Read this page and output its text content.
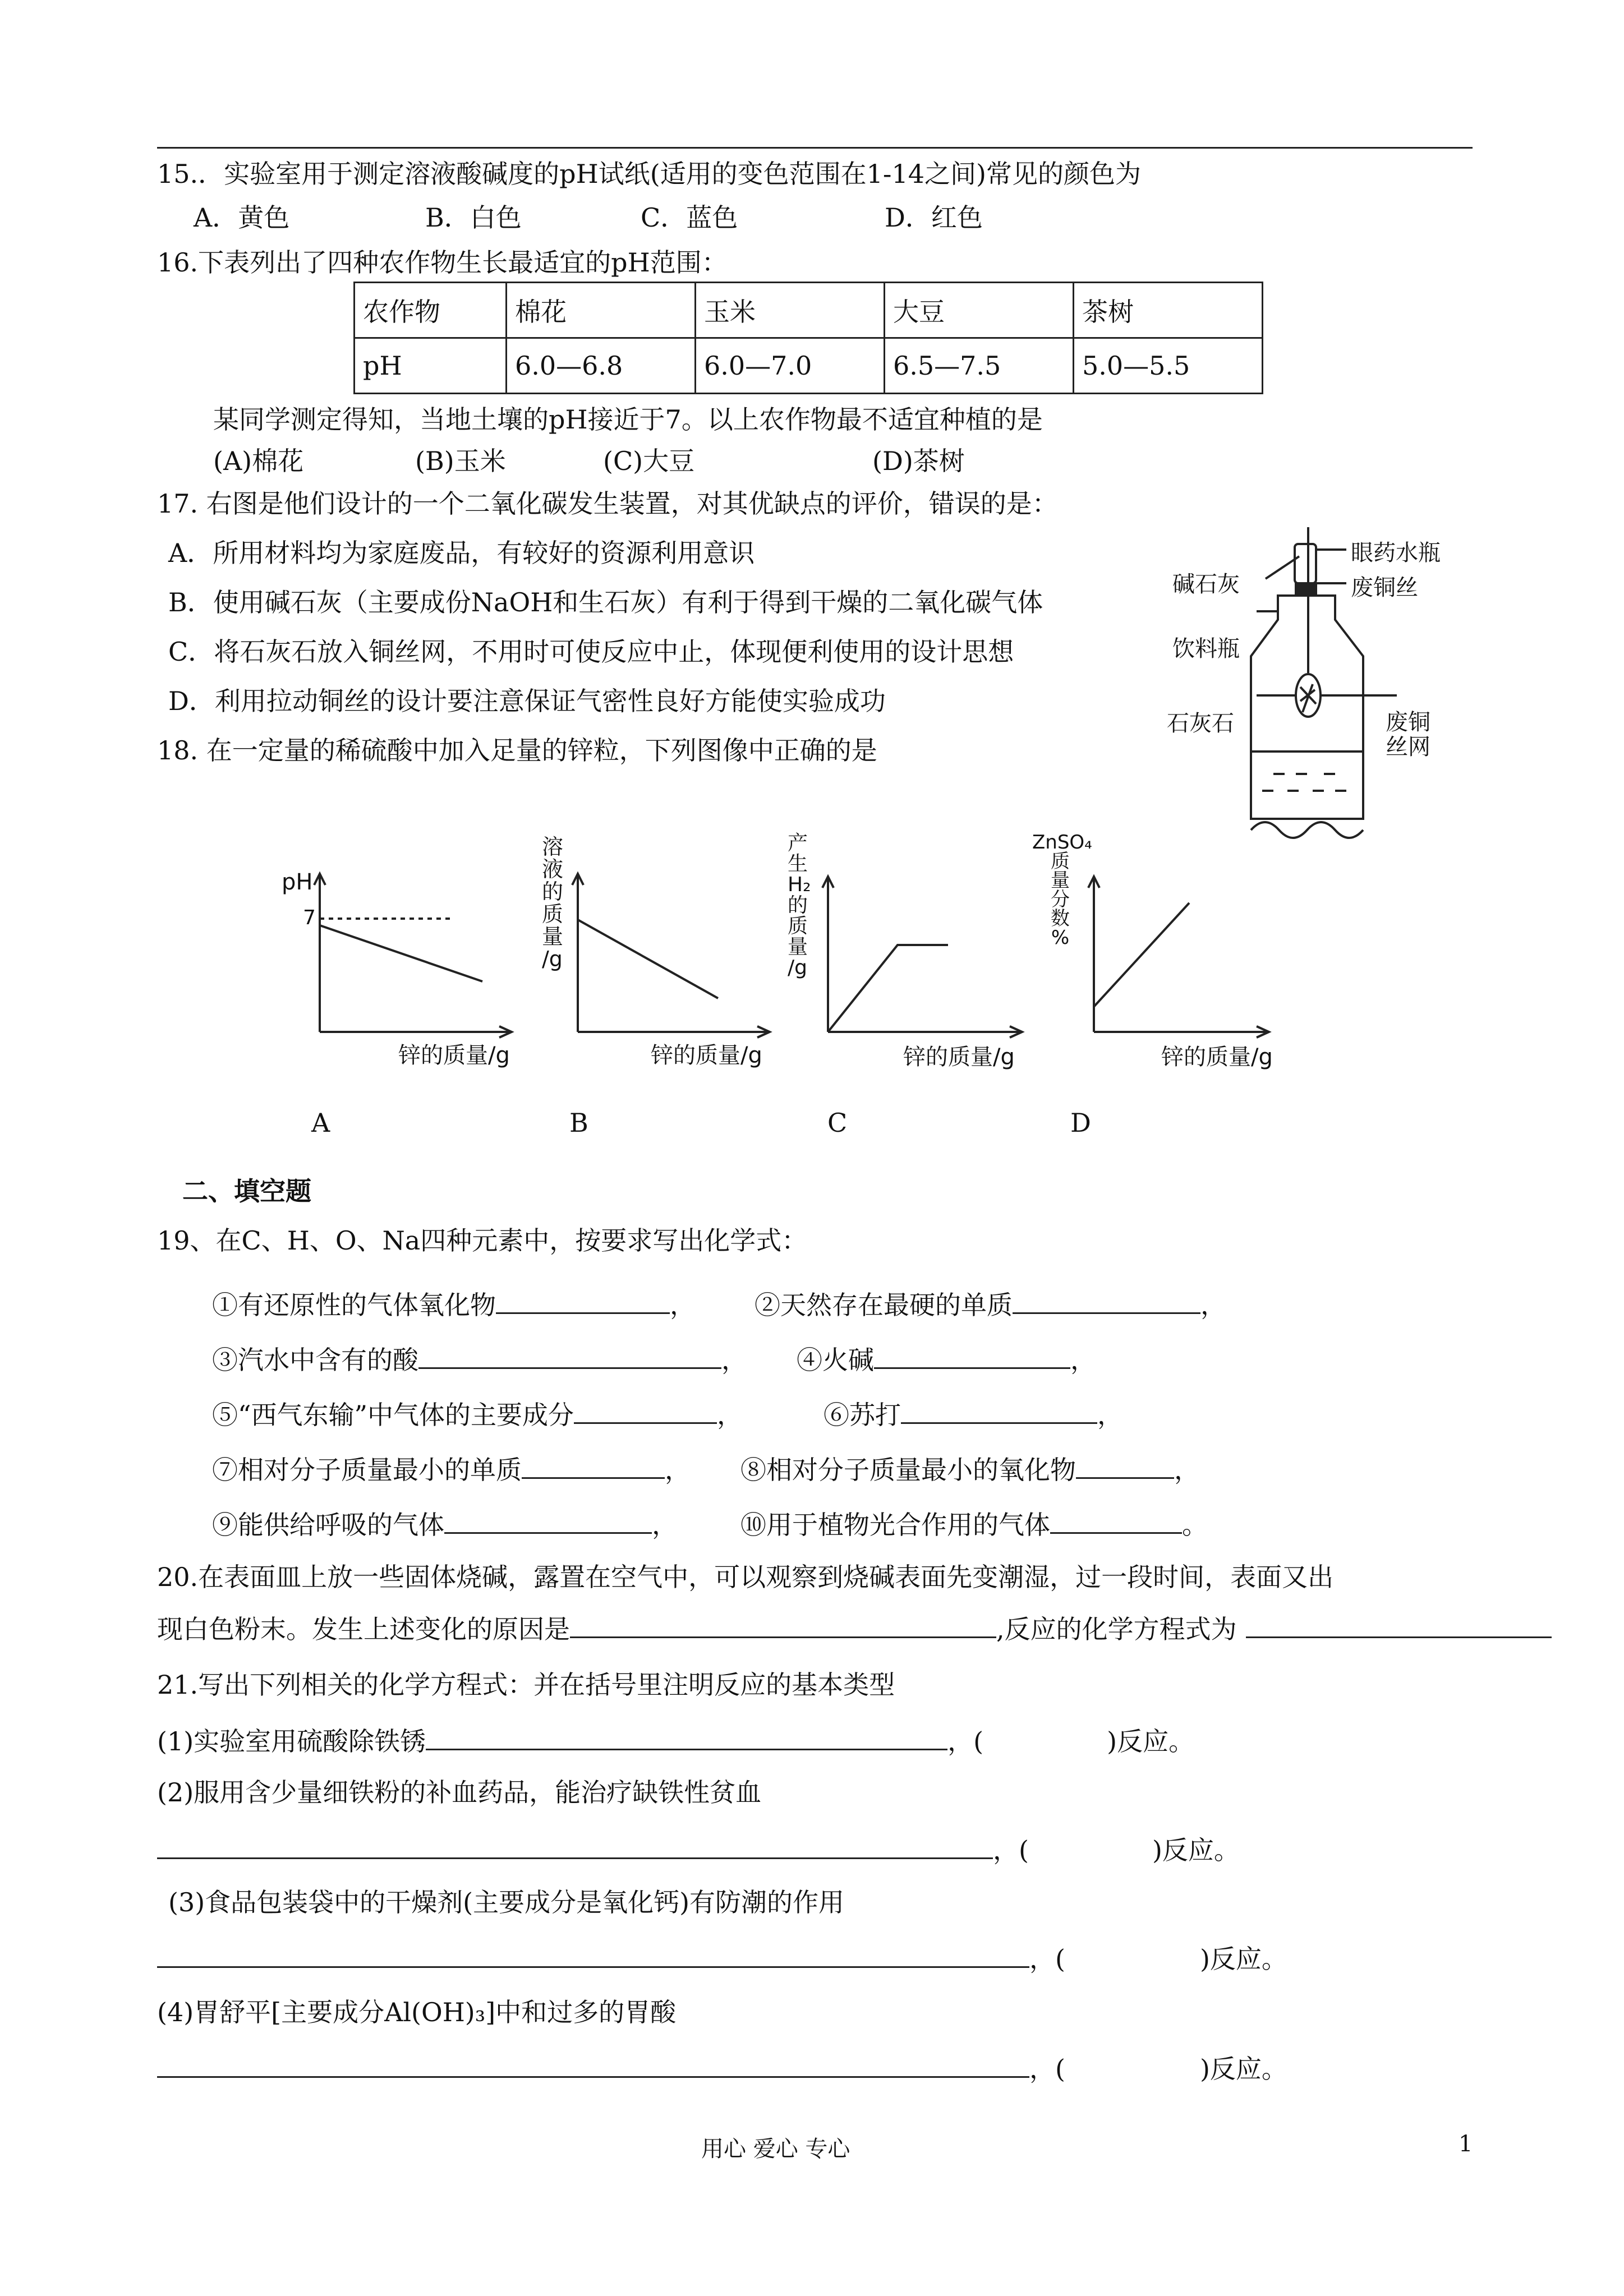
15.．实验室用于测定溶液酸碱度的pH试纸(适用的变色范围在1-14之间)常见的颜色为
A．黄色	B．白色	C．蓝色	D．红色
16.下表列出了四种农作物生长最适宜的pH范围：
农作物	棉花	玉米	大豆	茶树
pH	6.0—6.8	6.0—7.0	6.5—7.5	5.0—5.5
某同学测定得知，当地土壤的pH接近于7。以上农作物最不适宜种植的是
(A)棉花	(B)玉米	(C)大豆	(D)茶树
17. 右图是他们设计的一个二氧化碳发生装置，对其优缺点的评价，错误的是：
A．所用材料均为家庭废品，有较好的资源利用意识
B．使用碱石灰（主要成份NaOH和生石灰）有利于得到干燥的二氧化碳气体
C．将石灰石放入铜丝网，不用时可使反应中止，体现便利使用的设计思想
D．利用拉动铜丝的设计要注意保证气密性良好方能使实验成功
碱石灰
眼药水瓶
废铜丝
饮料瓶
石灰石	废铜
丝网
18. 在一定量的稀硫酸中加入足量的锌粒，下列图像中正确的是
pH
7
锌的质量/g
溶
液
的
质
量
/g
锌的质量/g
产
生
H₂
的
质
量
/g
锌的质量/g
ZnSO₄
质
量
分
数
%
锌的质量/g
A	B	C	D
二、填空题
19、在C、H、O、Na四种元素中，按要求写出化学式：
①有还原性的气体氧化物	， ②天然存在最硬的单质	，
③汽水中含有的酸	， ④火碱	，
⑤“西气东输”中气体的主要成分	，	⑥苏打	，
⑦相对分子质量最小的单质	， ⑧相对分子质量最小的氧化物	，
⑨能供给呼吸的气体	， ⑩用于植物光合作用的气体	。
20.在表面皿上放一些固体烧碱，露置在空气中，可以观察到烧碱表面先变潮湿，过一段时间，表面又出
现白色粉末。发生上述变化的原因是	,反应的化学方程式为
21.写出下列相关的化学方程式：并在括号里注明反应的基本类型
(1)实验室用硫酸除铁锈	，(	)反应。
(2)服用含少量细铁粉的补血药品，能治疗缺铁性贫血
，(	)反应。
(3)食品包装袋中的干燥剂(主要成分是氧化钙)有防潮的作用
，(	)反应。
(4)胃舒平[主要成分Al(OH)₃]中和过多的胃酸
，(	)反应。
用心 爱心 专心	1
